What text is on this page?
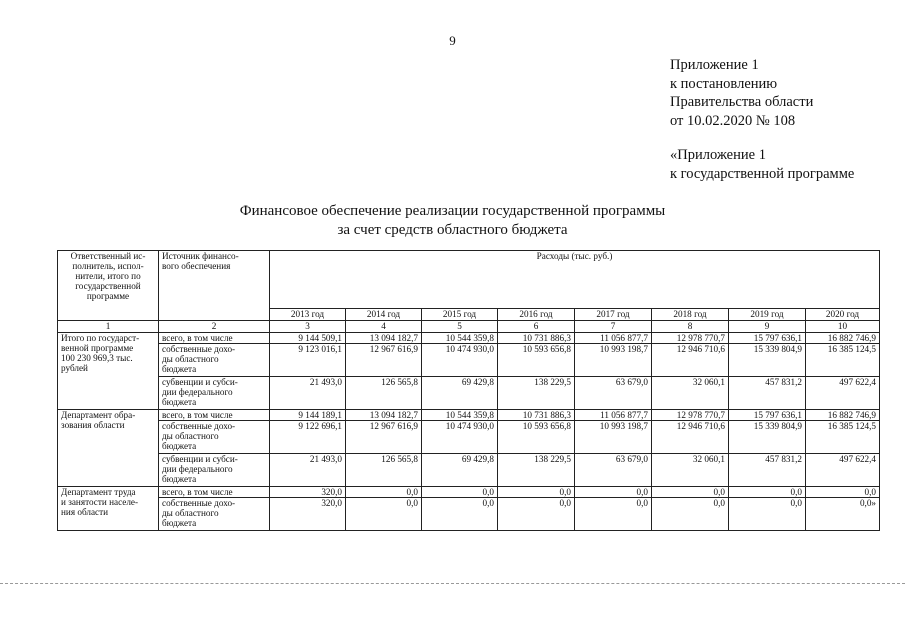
9
Приложение 1
к постановлению
Правительства области
от 10.02.2020 № 108
«Приложение 1
к государственной программе
Финансовое обеспечение реализации государственной программы
за счет средств областного бюджета
Ответственный ис-
полнитель, испол-
нители, итого по
государственной
программе	Источник финансо-
вого обеспечения	Расходы (тыс. руб.)							
		2013 год	2014 год	2015 год	2016 год	2017 год	2018 год	2019 год	2020 год
1	2	3	4	5	6	7	8	9	10
Итого по государст-
венной программе
100 230 969,3 тыс.
рублей	всего, в том числе	9 144 509,1	13 094 182,7	10 544 359,8	10 731 886,3	11 056 877,7	12 978 770,7	15 797 636,1	16 882 746,9
	собственные дохо-
ды областного
бюджета	9 123 016,1	12 967 616,9	10 474 930,0	10 593 656,8	10 993 198,7	12 946 710,6	15 339 804,9	16 385 124,5
	субвенции и субси-
дии федерального
бюджета	21 493,0	126 565,8	69 429,8	138 229,5	63 679,0	32 060,1	457 831,2	497 622,4
Департамент обра-
зования области	всего, в том числе	9 144 189,1	13 094 182,7	10 544 359,8	10 731 886,3	11 056 877,7	12 978 770,7	15 797 636,1	16 882 746,9
	собственные дохо-
ды областного
бюджета	9 122 696,1	12 967 616,9	10 474 930,0	10 593 656,8	10 993 198,7	12 946 710,6	15 339 804,9	16 385 124,5
	субвенции и субси-
дии федерального
бюджета	21 493,0	126 565,8	69 429,8	138 229,5	63 679,0	32 060,1	457 831,2	497 622,4
Департамент труда
и занятости населе-
ния области	всего, в том числе	320,0	0,0	0,0	0,0	0,0	0,0	0,0	0,0
	собственные дохо-
ды областного
бюджета	320,0	0,0	0,0	0,0	0,0	0,0	0,0	0,0»
